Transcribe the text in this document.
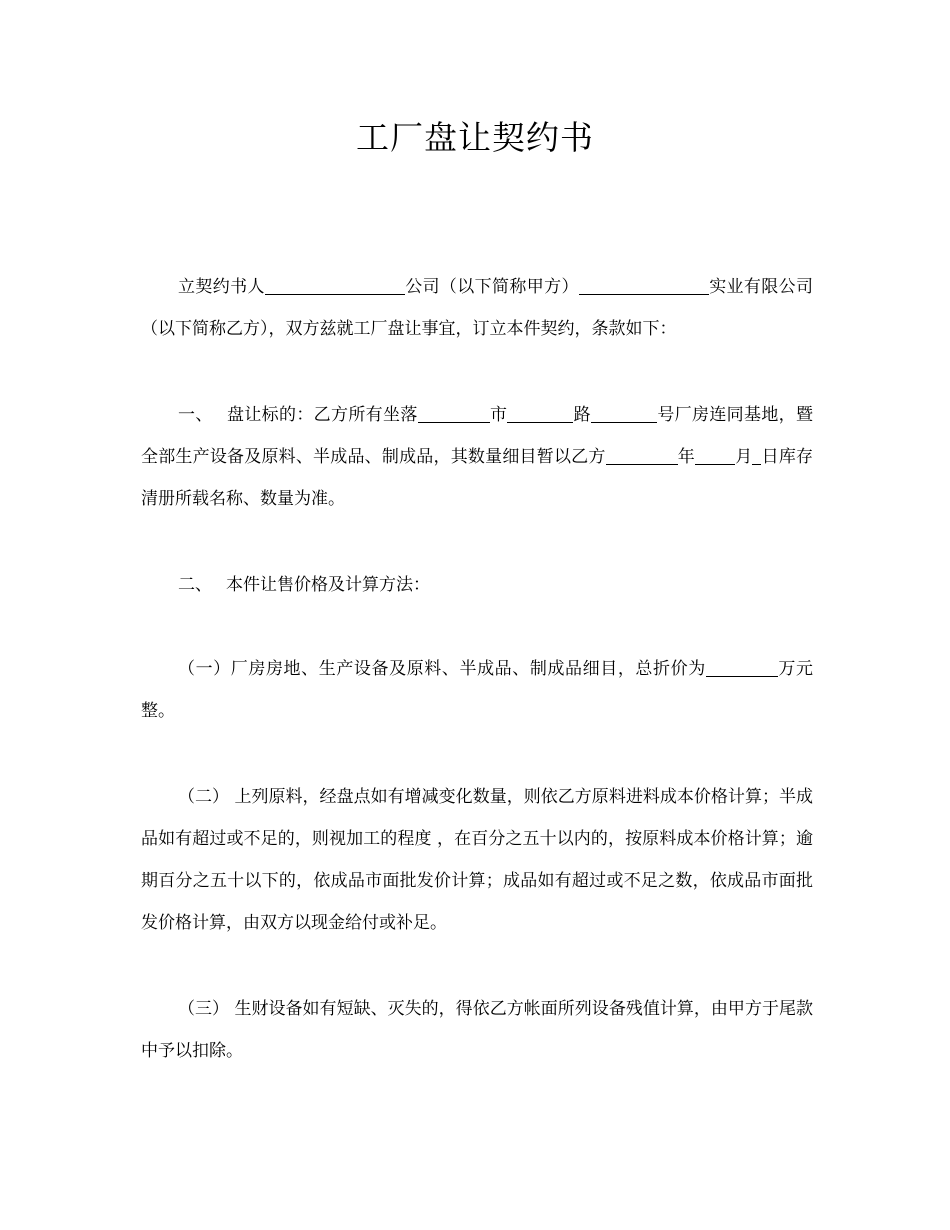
工厂盘让契约书

立契约书人	公司（以下简称甲方）	实业有限公司（以下简称乙方），双方兹就工厂盘让事宜，订立本件契约，条款如下：

一、 盘让标的：乙方所有坐落	市	路	号厂房连同基地，暨全部生产设备及原料、半成品、制成品，其数量细目暂以乙方	年 月 日库存清册所载名称、数量为准。

二、 本件让售价格及计算方法：

（一）厂房房地、生产设备及原料、半成品、制成品细目，总折价为	万元整。

（二） 上列原料，经盘点如有增减变化数量，则依乙方原料进料成本价格计算；半成品如有超过或不足的，则视加工的程度 ，在百分之五十以内的，按原料成本价格计算；逾期百分之五十以下的，依成品市面批发价计算；成品如有超过或不足之数，依成品市面批发价格计算，由双方以现金给付或补足。

（三） 生财设备如有短缺、灭失的，得依乙方帐面所列设备残值计算，由甲方于尾款中予以扣除。
